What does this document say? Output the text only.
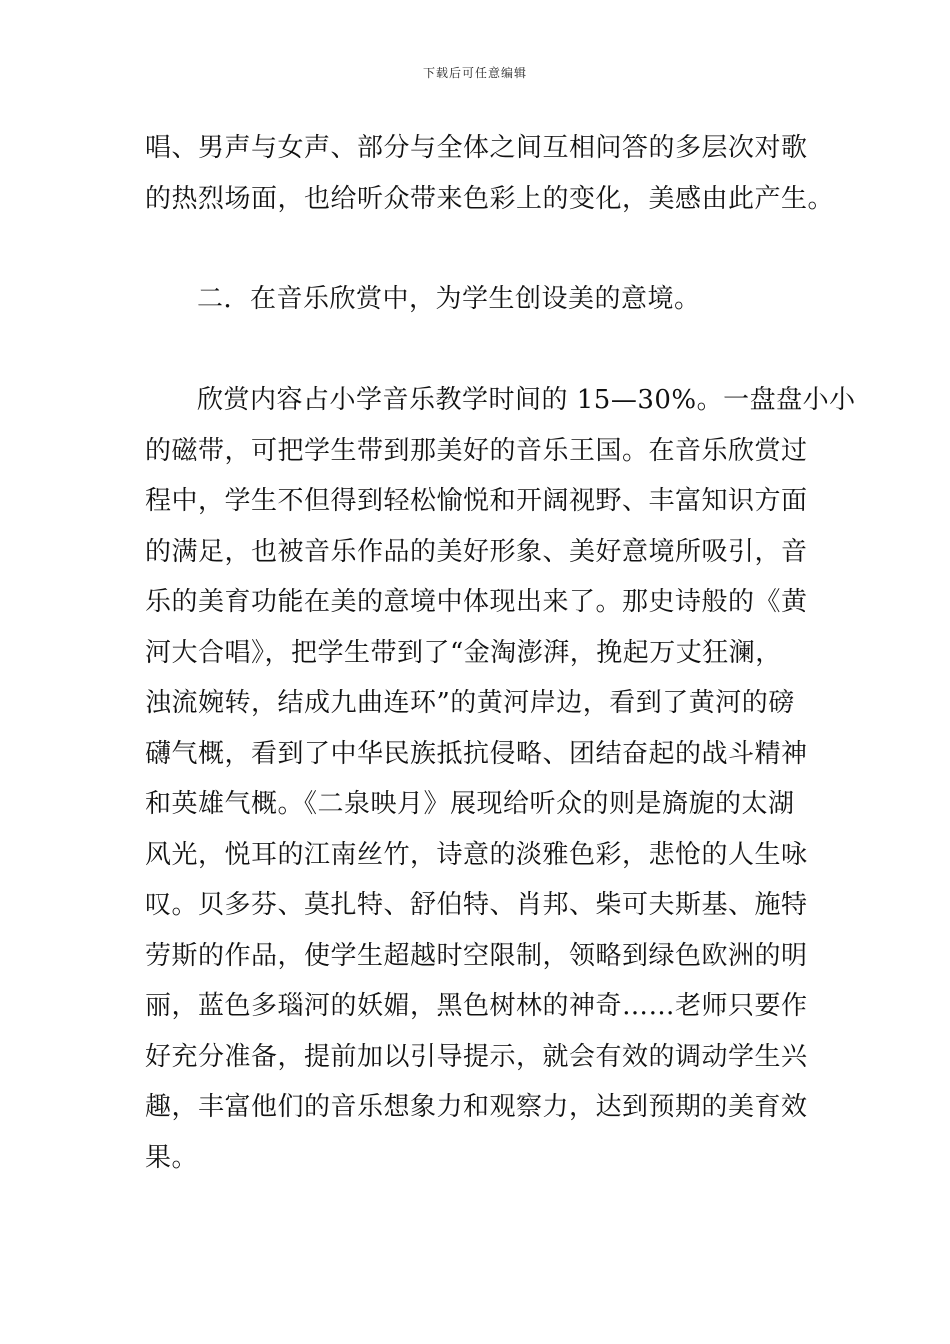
下载后可任意编辑
唱、男声与女声、部分与全体之间互相问答的多层次对歌
的热烈场面，也给听众带来色彩上的变化，美感由此产生。
二．在音乐欣赏中，为学生创设美的意境。
欣赏内容占小学音乐教学时间的 15—30%。一盘盘小小
的磁带，可把学生带到那美好的音乐王国。在音乐欣赏过
程中，学生不但得到轻松愉悦和开阔视野、丰富知识方面
的满足，也被音乐作品的美好形象、美好意境所吸引，音
乐的美育功能在美的意境中体现出来了。那史诗般的《黄
河大合唱》，把学生带到了“金淘澎湃，挽起万丈狂澜，
浊流婉转，结成九曲连环”的黄河岸边，看到了黄河的磅
礴气概，看到了中华民族抵抗侵略、团结奋起的战斗精神
和英雄气概。《二泉映月》展现给听众的则是旖旎的太湖
风光，悦耳的江南丝竹，诗意的淡雅色彩，悲怆的人生咏
叹。贝多芬、莫扎特、舒伯特、肖邦、柴可夫斯基、施特
劳斯的作品，使学生超越时空限制，领略到绿色欧洲的明
丽，蓝色多瑙河的妖媚，黑色树林的神奇……老师只要作
好充分准备，提前加以引导提示，就会有效的调动学生兴
趣，丰富他们的音乐想象力和观察力，达到预期的美育效
果。
